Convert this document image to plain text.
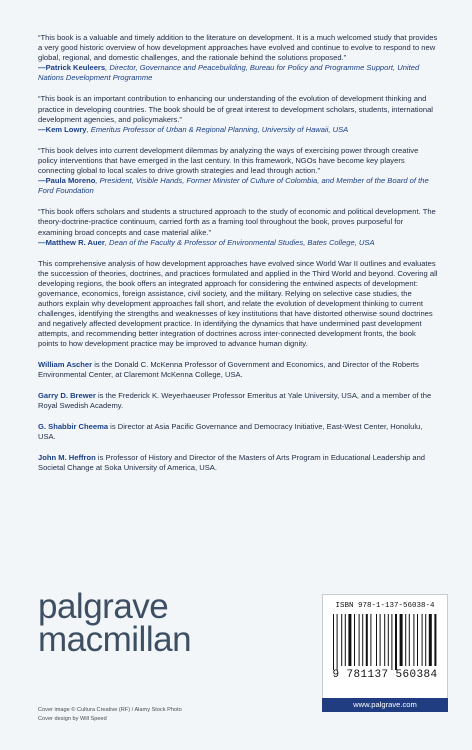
“This book is a valuable and timely addition to the literature on development. It is a much welcomed study that provides a very good historic overview of how development approaches have evolved and continue to evolve to respond to new global, regional, and domestic challenges, and the rationale behind the solutions proposed.”

—Patrick Keuleers, Director, Governance and Peacebuilding, Bureau for Policy and Programme Support, United Nations Development Programme

“This book is an important contribution to enhancing our understanding of the evolution of development thinking and practice in developing countries. The book should be of great interest to development scholars, students, international development agencies, and policymakers.”

—Kem Lowry, Emeritus Professor of Urban & Regional Planning, University of Hawaii, USA

“This book delves into current development dilemmas by analyzing the ways of exercising power through creative policy interventions that have emerged in the last century. In this framework, NGOs have become key players connecting global to local scales to drive growth strategies and lead through action.”

—Paula Moreno, President, Visible Hands, Former Minister of Culture of Colombia, and Member of the Board of the Ford Foundation

“This book offers scholars and students a structured approach to the study of economic and political development. The theory-doctrine-practice continuum, carried forth as a framing tool throughout the book, proves purposeful for examining broad concepts and case material alike.”

—Matthew R. Auer, Dean of the Faculty & Professor of Environmental Studies, Bates College, USA

This comprehensive analysis of how development approaches have evolved since World War II outlines and evaluates the succession of theories, doctrines, and practices formulated and applied in the Third World and beyond. Covering all developing regions, the book offers an integrated approach for considering the entwined aspects of development: governance, economics, foreign assistance, civil society, and the military. Relying on selective case studies, the authors explain why development approaches fall short, and relate the evolution of development thinking to current challenges, identifying the strengths and weaknesses of key institutions that have distorted otherwise sound doctrines and negatively affected development practice. In identifying the dynamics that have undermined past development attempts, and recommending better integration of doctrines across inter-connected development fronts, the book points to how development practice may be improved to advance human dignity.

William Ascher is the Donald C. McKenna Professor of Government and Economics, and Director of the Roberts Environmental Center, at Claremont McKenna College, USA.

Garry D. Brewer is the Frederick K. Weyerhaeuser Professor Emeritus at Yale University, USA, and a member of the Royal Swedish Academy.

G. Shabbir Cheema is Director at Asia Pacific Governance and Democracy Initiative, East-West Center, Honolulu, USA.

John M. Heffron is Professor of History and Director of the Masters of Arts Program in Educational Leadership and Societal Change at Soka University of America, USA.

palgrave
macmillan
Cover image © Cultura Creative (RF) / Alamy Stock Photo
Cover design by Will Speed
ISBN 978-1-137-56038-4
9 781137 560384
www.palgrave.com
